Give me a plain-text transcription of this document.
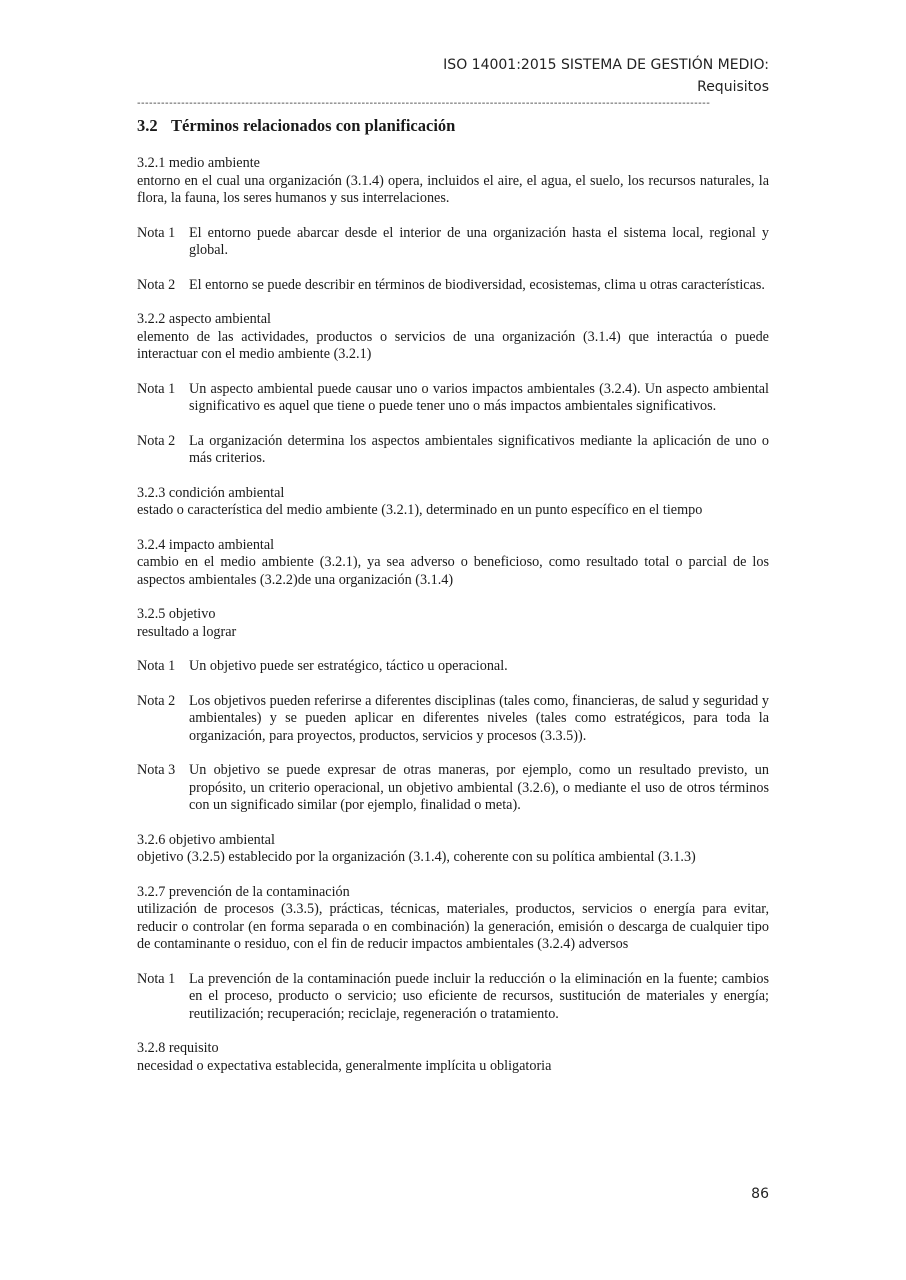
ISO 14001:2015 SISTEMA DE GESTIÓN MEDIO:
Requisitos
-----------------------------------------------------------------------------------------------------------------------------------------------
3.2 Términos relacionados con planificación
3.2.1 medio ambiente
entorno en el cual una organización (3.1.4) opera, incluidos el aire, el agua, el suelo, los recursos naturales, la flora, la fauna, los seres humanos y sus interrelaciones.
Nota 1 El entorno puede abarcar desde el interior de una organización hasta el sistema local, regional y global.
Nota 2 El entorno se puede describir en términos de biodiversidad, ecosistemas, clima u otras características.
3.2.2 aspecto ambiental
elemento de las actividades, productos o servicios de una organización (3.1.4) que interactúa o puede interactuar con el medio ambiente (3.2.1)
Nota 1 Un aspecto ambiental puede causar uno o varios impactos ambientales (3.2.4). Un aspecto ambiental significativo es aquel que tiene o puede tener uno o más impactos ambientales significativos.
Nota 2 La organización determina los aspectos ambientales significativos mediante la aplicación de uno o más criterios.
3.2.3 condición ambiental
estado o característica del medio ambiente (3.2.1), determinado en un punto específico en el tiempo
3.2.4 impacto ambiental
cambio en el medio ambiente (3.2.1), ya sea adverso o beneficioso, como resultado total o parcial de los aspectos ambientales (3.2.2)de una organización (3.1.4)
3.2.5 objetivo
resultado a lograr
Nota 1 Un objetivo puede ser estratégico, táctico u operacional.
Nota 2 Los objetivos pueden referirse a diferentes disciplinas (tales como, financieras, de salud y seguridad y ambientales) y se pueden aplicar en diferentes niveles (tales como estratégicos, para toda la organización, para proyectos, productos, servicios y procesos (3.3.5)).
Nota 3 Un objetivo se puede expresar de otras maneras, por ejemplo, como un resultado previsto, un propósito, un criterio operacional, un objetivo ambiental (3.2.6), o mediante el uso de otros términos con un significado similar (por ejemplo, finalidad o meta).
3.2.6 objetivo ambiental
objetivo (3.2.5) establecido por la organización (3.1.4), coherente con su política ambiental (3.1.3)
3.2.7 prevención de la contaminación
utilización de procesos (3.3.5), prácticas, técnicas, materiales, productos, servicios o energía para evitar, reducir o controlar (en forma separada o en combinación) la generación, emisión o descarga de cualquier tipo de contaminante o residuo, con el fin de reducir impactos ambientales (3.2.4) adversos
Nota 1 La prevención de la contaminación puede incluir la reducción o la eliminación en la fuente; cambios en el proceso, producto o servicio; uso eficiente de recursos, sustitución de materiales y energía; reutilización; recuperación; reciclaje, regeneración o tratamiento.
3.2.8 requisito
necesidad o expectativa establecida, generalmente implícita u obligatoria
86
